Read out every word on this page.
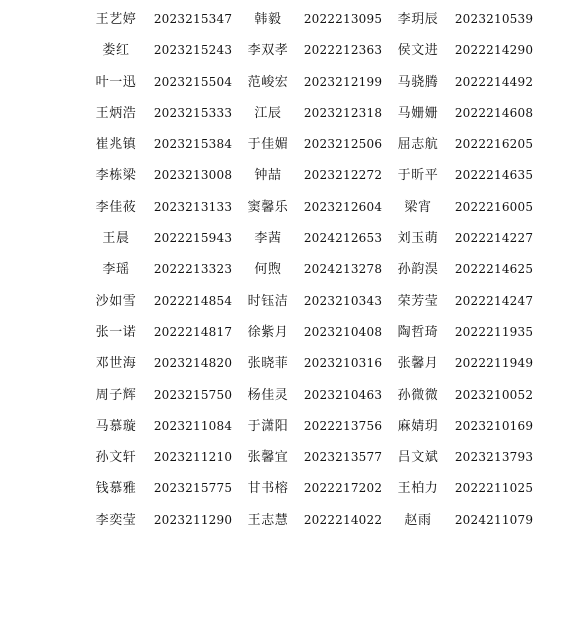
王艺婷	2023215347	韩毅	2022213095	李玥辰	2023210539
娄红	2023215243	李双孝	2022212363	侯文进	2022214290
叶一迅	2023215504	范峻宏	2023212199	马骁腾	2022214492
王炳浩	2023215333	江辰	2023212318	马姗姗	2022214608
崔兆镇	2023215384	于佳媚	2023212506	屈志航	2022216205
李栋梁	2023213008	钟喆	2023212272	于昕平	2022214635
李佳莜	2023213133	窦馨乐	2023212604	梁宵	2022216005
王晨	2022215943	李茜	2024212653	刘玉萌	2022214227
李瑶	2022213323	何煦	2024213278	孙韵淏	2022214625
沙如雪	2022214854	时钰洁	2023210343	荣芳莹	2022214247
张一诺	2022214817	徐紫月	2023210408	陶哲琦	2022211935
邓世海	2023214820	张晓菲	2023210316	张馨月	2022211949
周子辉	2023215750	杨佳灵	2023210463	孙微微	2023210052
马慕璇	2023211084	于潇阳	2022213756	麻婧玥	2023210169
孙文轩	2023211210	张馨宜	2023213577	吕文斌	2023213793
钱慕雅	2023215775	甘书榕	2022217202	王柏力	2022211025
李奕莹	2023211290	王志慧	2022214022	赵雨	2024211079
